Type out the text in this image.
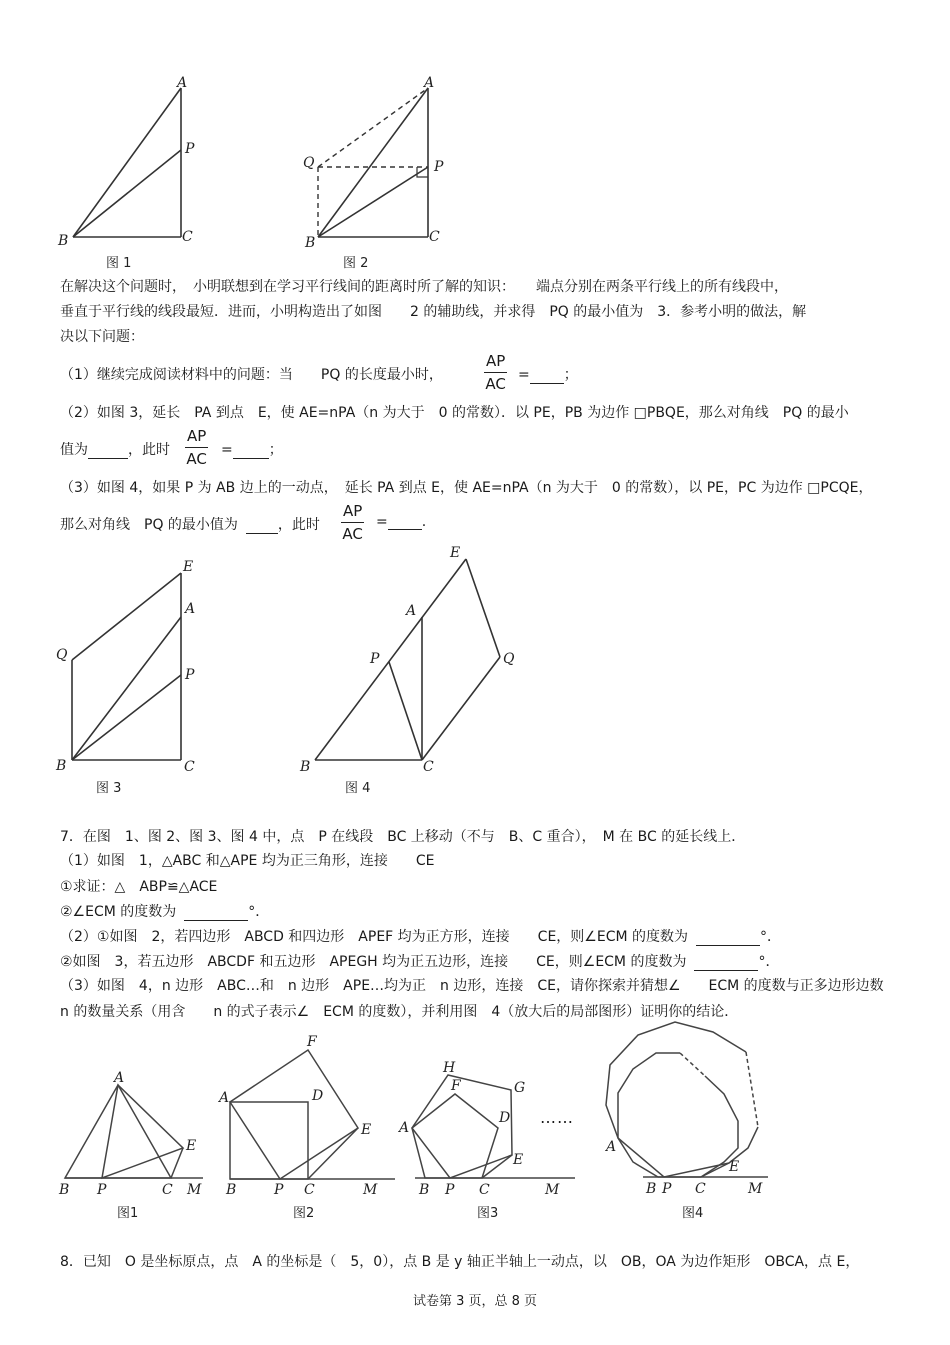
A
P
B	C
图 1
A
Q	P
B	C
图 2
在解决这个问题时，　小明联想到在学习平行线间的距离时所了解的知识：　　端点分别在两条平行线上的所有线段中，
垂直于平行线的线段最短．进而，小明构造出了如图　　2 的辅助线，并求得　PQ 的最小值为　3．参考小明的做法，解
决以下问题：
（1）继续完成阅读材料中的问题：当　　PQ 的长度最小时，	$\frac{AP}{AC}$ = ；
（2）如图 3，延长　PA 到点　E，使 AE=nPA（n 为大于　0 的常数）．以 PE，PB 为边作 □PBQE，那么对角线　PQ 的最小
值为	，此时 $\frac{AP}{AC}$ =	；
（3）如图 4，如果 P 为 AB 边上的一动点，　延长 PA 到点 E，使 AE=nPA（n 为大于　0 的常数），以 PE，PC 为边作 □PCQE，
那么对角线　PQ 的最小值为	，此时 $\frac{AP}{AC}$ = .
E
A
Q
P
B	C
图 3
E
A
P	Q
B	C
图 4
7．在图　1、图 2、图 3、图 4 中，点　P 在线段　BC 上移动（不与　B、C 重合），　M 在 BC 的延长线上．
（1）如图　1，△ABC 和△APE 均为正三角形，连接　　CE
①求证：△　ABP≌△ACE
②∠ECM 的度数为	°．
（2）①如图　2，若四边形　ABCD 和四边形　APEF 均为正方形，连接　　CE，则∠ECM 的度数为	°．
②如图　3，若五边形　ABCDF 和五边形　APEGH 均为正五边形，连接　　CE，则∠ECM 的度数为	°．
（3）如图　4，n 边形　ABC…和　n 边形　APE…均为正　n 边形，连接　CE，请你探索并猜想∠　　ECM 的度数与正多边形边数
n 的数量关系（用含　　n 的式子表示∠　ECM 的度数），并利用图　4（放大后的局部图形）证明你的结论．
A
E
B P	C M
图1
F
A	D
E
B	P C	M
图2
H
F	G
A
D
E
B P C	M
图3
……
A
E
B P C	M
图4
8．已知　O 是坐标原点，点　A 的坐标是（　5，0），点 B 是 y 轴正半轴上一动点，以　OB，OA 为边作矩形　OBCA，点 E，
试卷第 3 页，总 8 页
